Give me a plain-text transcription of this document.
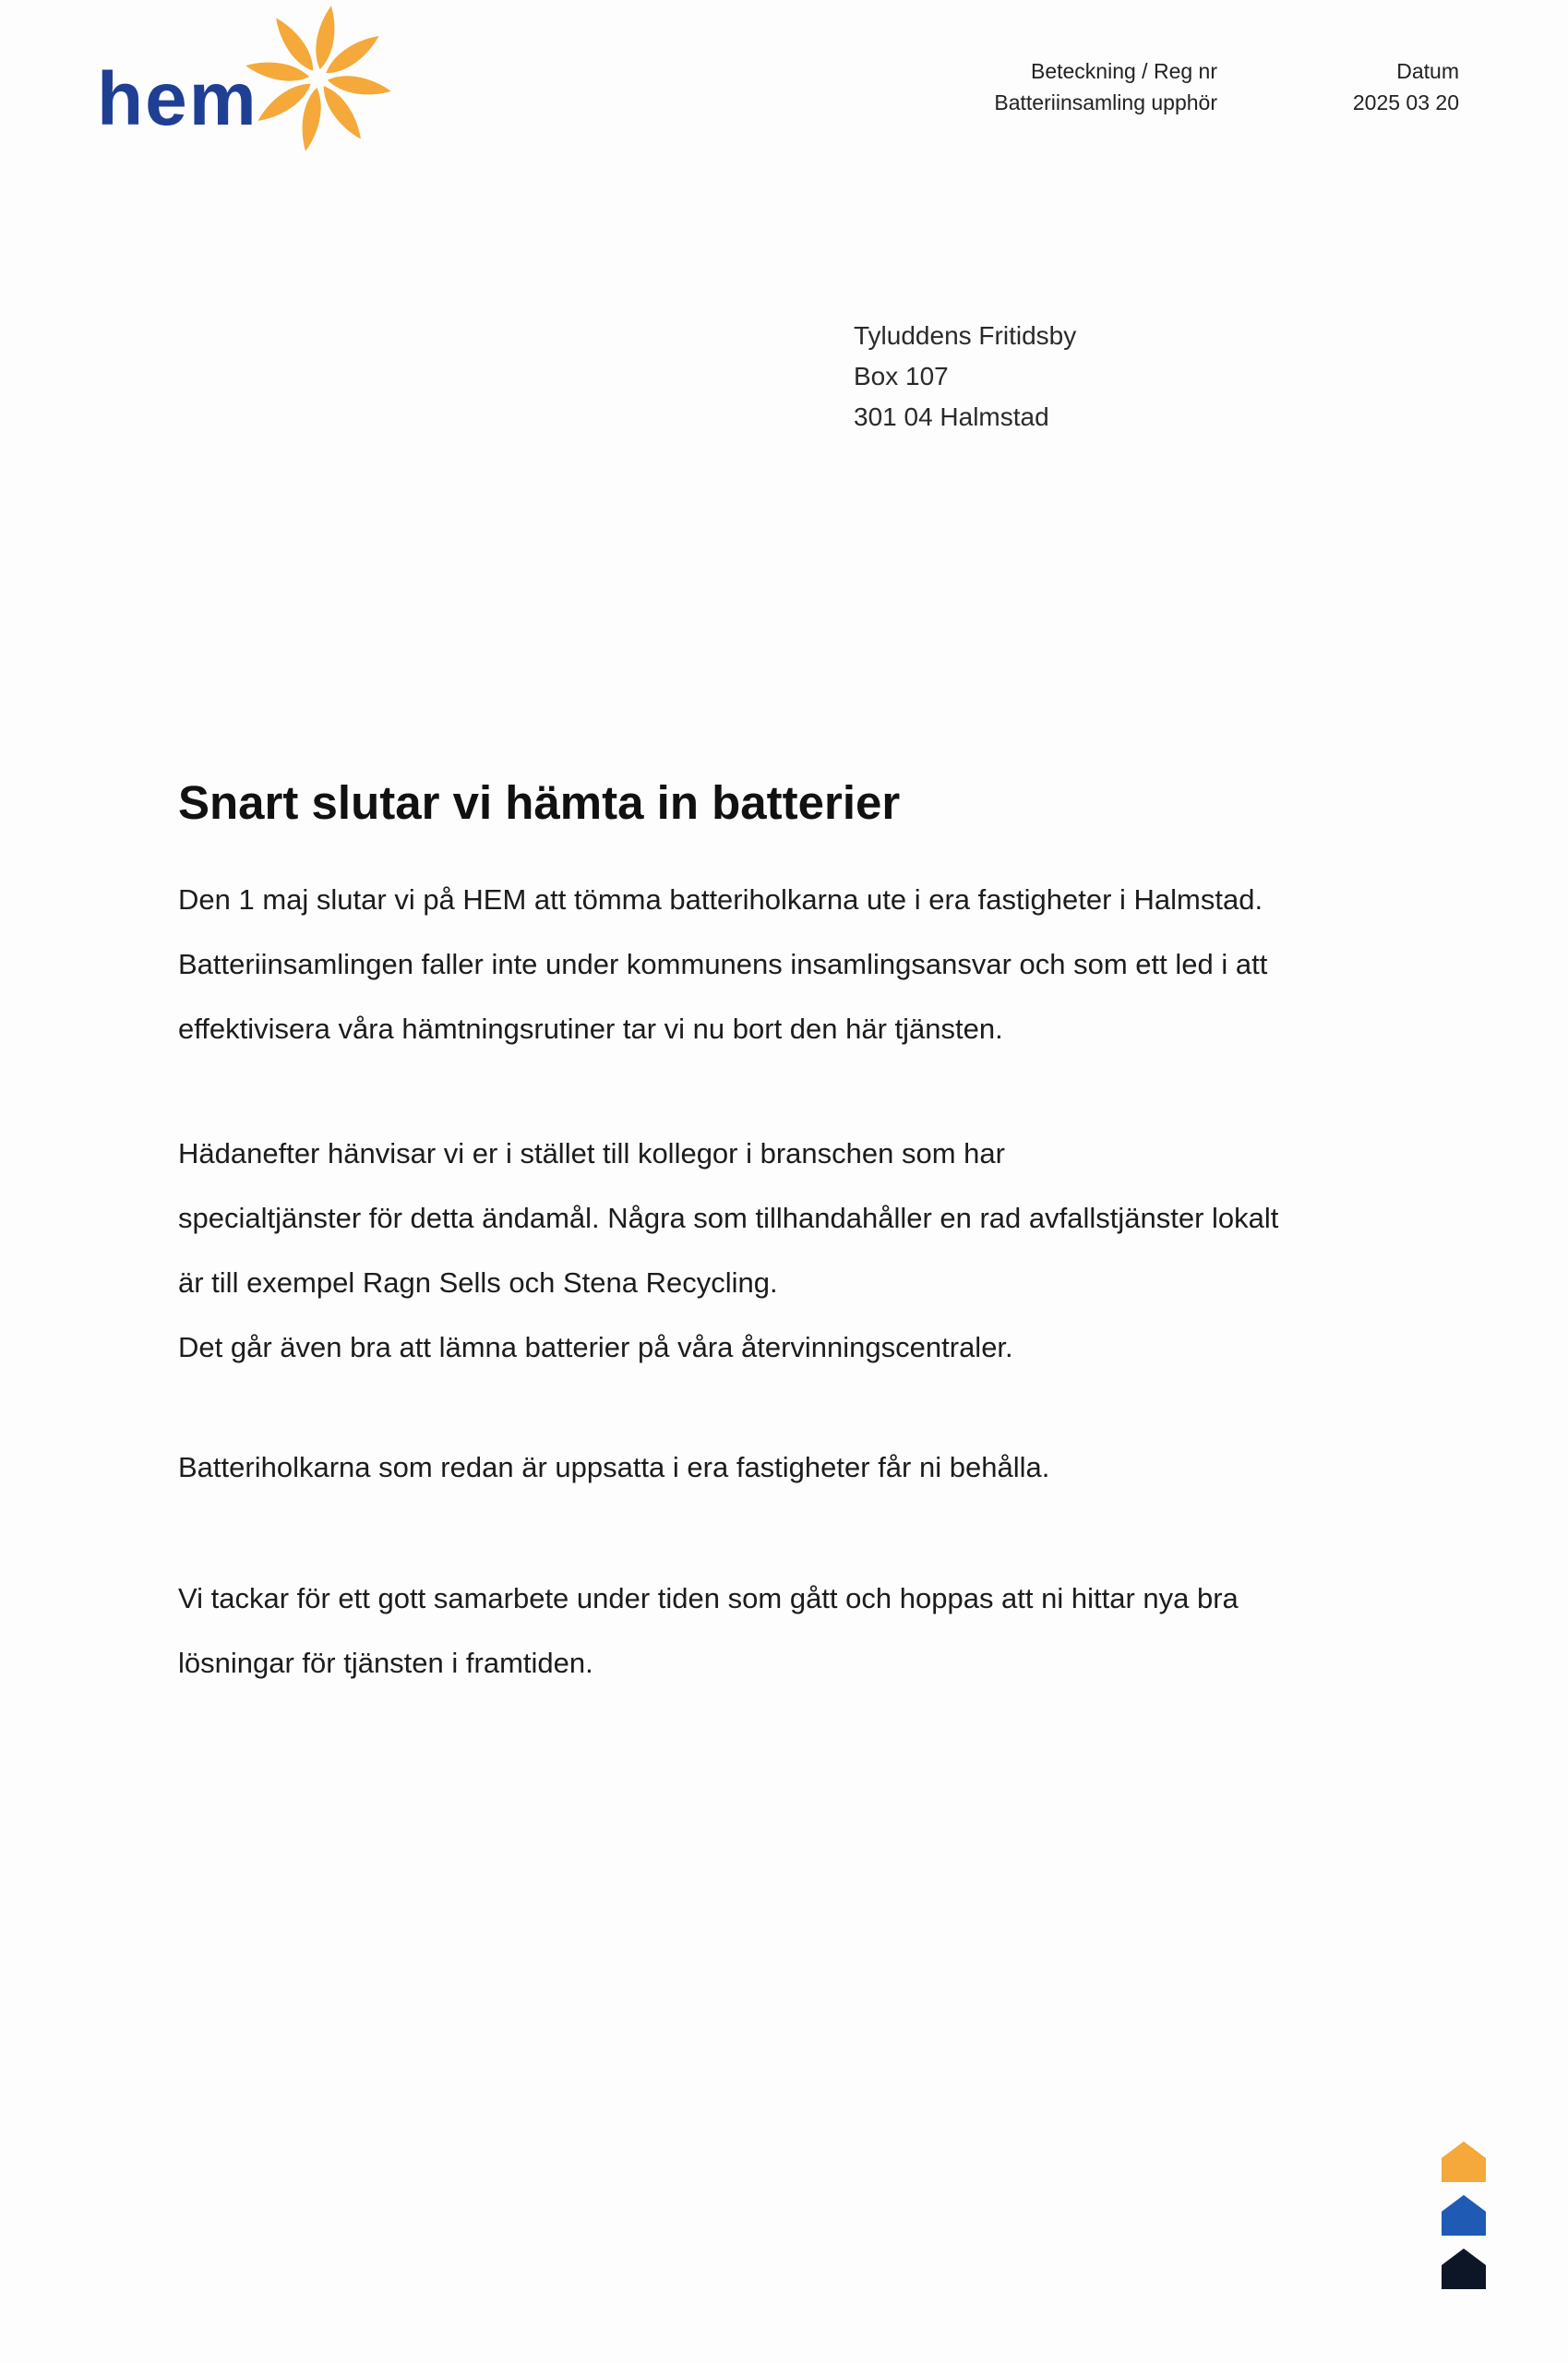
hem	Beteckning / Reg nr
Batteriinsamling upphör
Datum
2025 03 20
Tyluddens Fritidsby
Box 107
301 04 Halmstad
Snart slutar vi hämta in batterier
Den 1 maj slutar vi på HEM att tömma batteriholkarna ute i era fastigheter i Halmstad.
Batteriinsamlingen faller inte under kommunens insamlingsansvar och som ett led i att
effektivisera våra hämtningsrutiner tar vi nu bort den här tjänsten.
Hädanefter hänvisar vi er i stället till kollegor i branschen som har
specialtjänster för detta ändamål. Några som tillhandahåller en rad avfallstjänster lokalt
är till exempel Ragn Sells och Stena Recycling.
Det går även bra att lämna batterier på våra återvinningscentraler.
Batteriholkarna som redan är uppsatta i era fastigheter får ni behålla.
Vi tackar för ett gott samarbete under tiden som gått och hoppas att ni hittar nya bra
lösningar för tjänsten i framtiden.
